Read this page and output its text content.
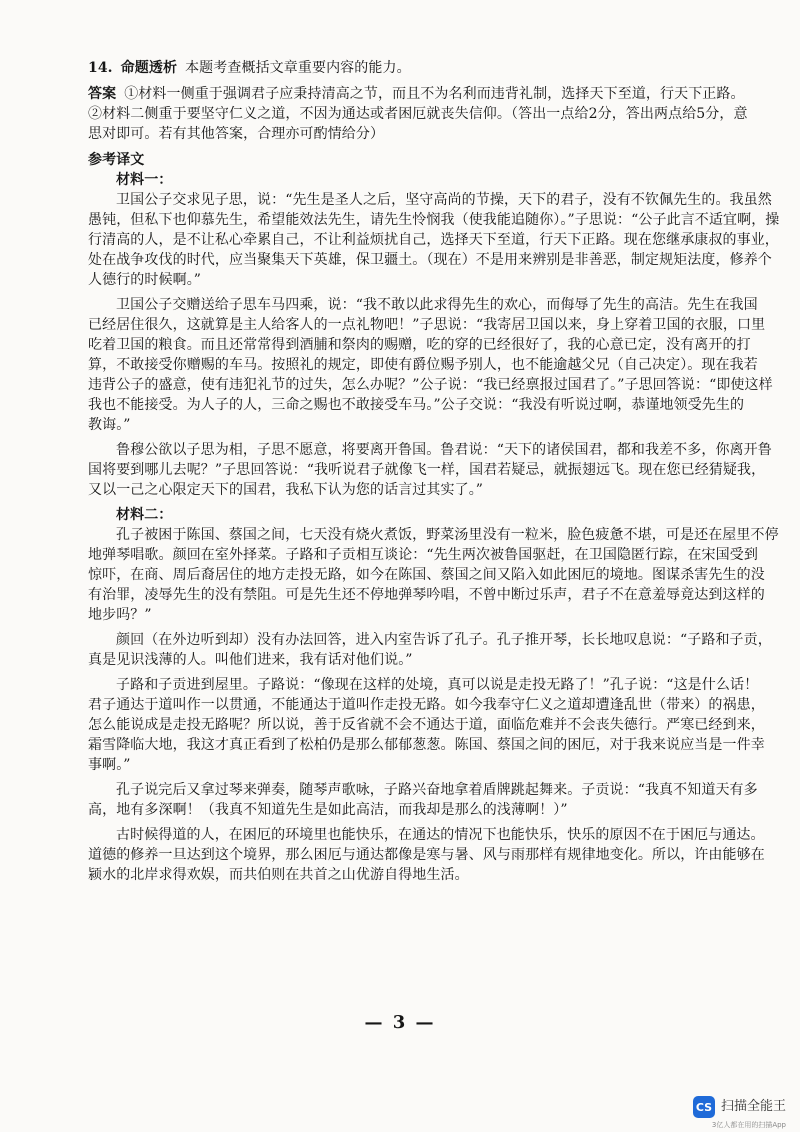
14. 命题透析 本题考查概括文章重要内容的能力。
答案 ①材料一侧重于强调君子应秉持清高之节，而且不为名利而违背礼制，选择天下至道，行天下正路。

②材料二侧重于要坚守仁义之道，不因为通达或者困厄就丧失信仰。（答出一点给2分，答出两点给5分，意

思对即可。若有其他答案，合理亦可酌情给分）

参考译文

材料一：

卫国公子交求见子思，说：“先生是圣人之后，坚守高尚的节操，天下的君子，没有不钦佩先生的。我虽然

愚钝，但私下也仰慕先生，希望能效法先生，请先生怜悯我（使我能追随你）。”子思说：“公子此言不适宜啊，操

行清高的人，是不让私心牵累自己，不让利益烦扰自己，选择天下至道，行天下正路。现在您继承康叔的事业，

处在战争攻伐的时代，应当聚集天下英雄，保卫疆土。（现在）不是用来辨别是非善恶，制定规矩法度，修养个

人德行的时候啊。”

卫国公子交赠送给子思车马四乘，说：“我不敢以此求得先生的欢心，而侮辱了先生的高洁。先生在我国

已经居住很久，这就算是主人给客人的一点礼物吧！”子思说：“我寄居卫国以来，身上穿着卫国的衣服，口里

吃着卫国的粮食。而且还常常得到酒脯和祭肉的赐赠，吃的穿的已经很好了，我的心意已定，没有离开的打

算，不敢接受你赠赐的车马。按照礼的规定，即使有爵位赐予别人，也不能逾越父兄（自己决定）。现在我若

违背公子的盛意，使有违犯礼节的过失，怎么办呢？”公子说：“我已经禀报过国君了。”子思回答说：“即使这样

我也不能接受。为人子的人，三命之赐也不敢接受车马。”公子交说：“我没有听说过啊，恭谨地领受先生的

教诲。”

鲁穆公欲以子思为相，子思不愿意，将要离开鲁国。鲁君说：“天下的诸侯国君，都和我差不多，你离开鲁

国将要到哪儿去呢？”子思回答说：“我听说君子就像飞一样，国君若疑忌，就振翅远飞。现在您已经猜疑我，

又以一己之心限定天下的国君，我私下认为您的话言过其实了。”

材料二：

孔子被困于陈国、蔡国之间，七天没有烧火煮饭，野菜汤里没有一粒米，脸色疲惫不堪，可是还在屋里不停

地弹琴唱歌。颜回在室外择菜。子路和子贡相互谈论：“先生两次被鲁国驱赶，在卫国隐匿行踪，在宋国受到

惊吓，在商、周后裔居住的地方走投无路，如今在陈国、蔡国之间又陷入如此困厄的境地。图谋杀害先生的没

有治罪，凌辱先生的没有禁阻。可是先生还不停地弹琴吟唱，不曾中断过乐声，君子不在意羞辱竟达到这样的

地步吗？”

颜回（在外边听到却）没有办法回答，进入内室告诉了孔子。孔子推开琴，长长地叹息说：“子路和子贡，

真是见识浅薄的人。叫他们进来，我有话对他们说。”

子路和子贡进到屋里。子路说：“像现在这样的处境，真可以说是走投无路了！”孔子说：“这是什么话！

君子通达于道叫作一以贯通，不能通达于道叫作走投无路。如今我奉守仁义之道却遭逢乱世（带来）的祸患，

怎么能说成是走投无路呢？所以说，善于反省就不会不通达于道，面临危难并不会丧失德行。严寒已经到来，

霜雪降临大地，我这才真正看到了松柏仍是那么郁郁葱葱。陈国、蔡国之间的困厄，对于我来说应当是一件幸

事啊。”

孔子说完后又拿过琴来弹奏，随琴声歌咏，子路兴奋地拿着盾牌跳起舞来。子贡说：“我真不知道天有多

高，地有多深啊！（我真不知道先生是如此高洁，而我却是那么的浅薄啊！）”

古时候得道的人，在困厄的环境里也能快乐，在通达的情况下也能快乐，快乐的原因不在于困厄与通达。

道德的修养一旦达到这个境界，那么困厄与通达都像是寒与暑、风与雨那样有规律地变化。所以，许由能够在

颍水的北岸求得欢娱，而共伯则在共首之山优游自得地生活。

— 3 —
CS 扫描全能王
3亿人都在用的扫描App
